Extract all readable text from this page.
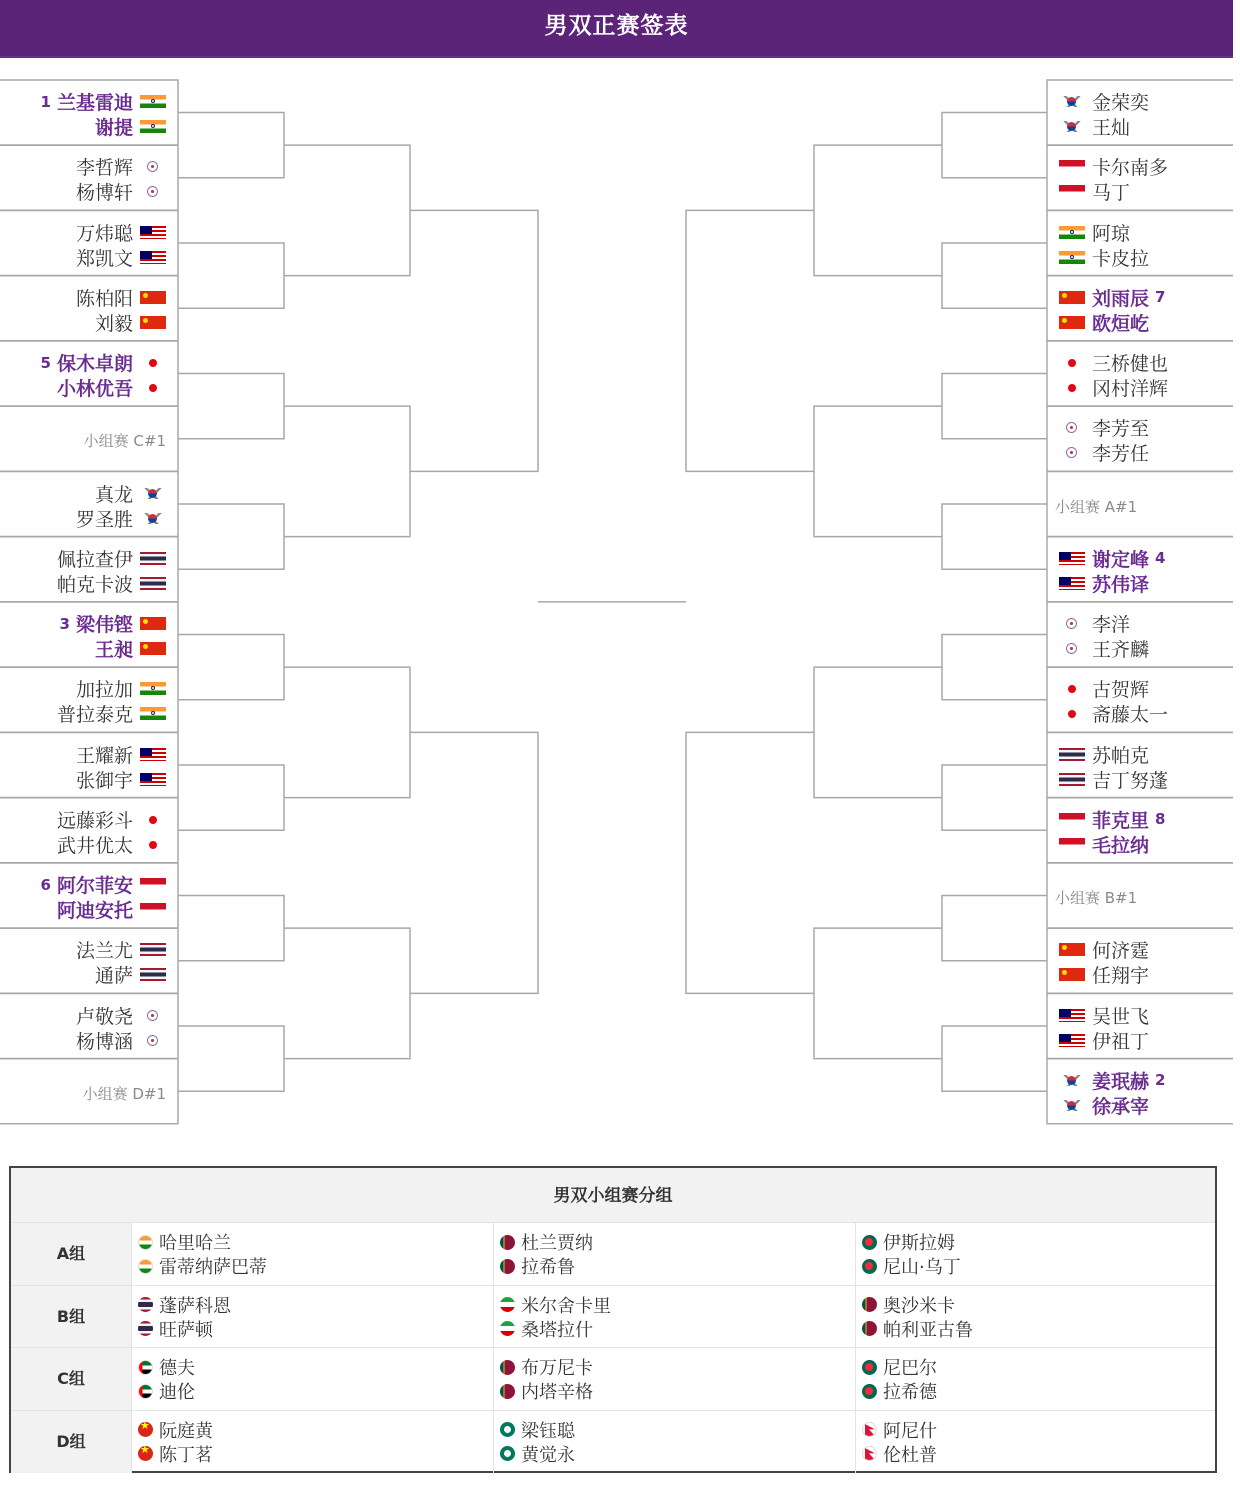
男双正赛签表
1 兰基雷迪
谢提
李哲辉
杨博轩
万炜聪
郑凯文
陈柏阳
刘毅
5 保木卓朗
小林优吾
小组赛 C#1
真龙
罗圣胜
佩拉查伊
帕克卡波
3 梁伟铿
王昶
加拉加
普拉泰克
王耀新
张御宇
远藤彩斗
武井优太
6 阿尔菲安
阿迪安托
法兰尤
通萨
卢敬尧
杨博涵
小组赛 D#1
金荣奕
王灿
卡尔南多
马丁
阿琼
卡皮拉
刘雨辰 7
欧烜屹
三桥健也
冈村洋辉
李芳至
李芳任
小组赛 A#1
谢定峰 4
苏伟译
李洋
王齐麟
古贺辉
斋藤太一
苏帕克
吉丁努蓬
菲克里 8
毛拉纳
小组赛 B#1
何济霆
任翔宇
吴世飞
伊祖丁
姜珉赫 2
徐承宰
男双小组赛分组
A组	哈里哈兰
雷蒂纳萨巴蒂
杜兰贾纳
拉希鲁
伊斯拉姆
尼山·乌丁
B组	蓬萨科恩
旺萨顿
米尔舍卡里
桑塔拉什
奥沙米卡
帕利亚古鲁
C组	德夫
迪伦
布万尼卡
内塔辛格
尼巴尔
拉希德
D组
★	阮庭黄
★
陈丁茗
梁钰聪
黄觉永
阿尼什
伦杜普
